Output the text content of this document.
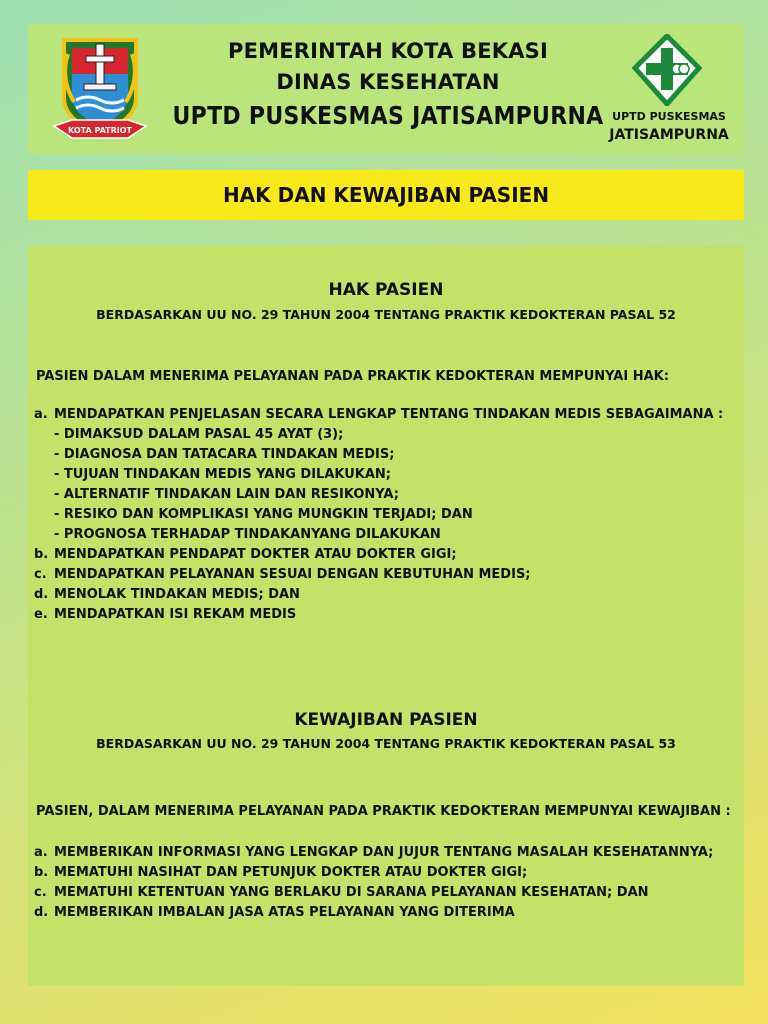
KOTA PATRIOT
PEMERINTAH KOTA BEKASI
DINAS KESEHATAN
UPTD PUSKESMAS JATISAMPURNA UPTD PUSKESMAS
JATISAMPURNA
HAK DAN KEWAJIBAN PASIEN
HAK PASIEN
BERDASARKAN UU NO. 29 TAHUN 2004 TENTANG PRAKTIK KEDOKTERAN PASAL 52
PASIEN DALAM MENERIMA PELAYANAN PADA PRAKTIK KEDOKTERAN MEMPUNYAI HAK:
a. MENDAPATKAN PENJELASAN SECARA LENGKAP TENTANG TINDAKAN MEDIS SEBAGAIMANA :
- DIMAKSUD DALAM PASAL 45 AYAT (3);
- DIAGNOSA DAN TATACARA TINDAKAN MEDIS;
- TUJUAN TINDAKAN MEDIS YANG DILAKUKAN;
- ALTERNATIF TINDAKAN LAIN DAN RESIKONYA;
- RESIKO DAN KOMPLIKASI YANG MUNGKIN TERJADI; DAN
- PROGNOSA TERHADAP TINDAKANYANG DILAKUKAN
b. MENDAPATKAN PENDAPAT DOKTER ATAU DOKTER GIGI;
c. MENDAPATKAN PELAYANAN SESUAI DENGAN KEBUTUHAN MEDIS;
d. MENOLAK TINDAKAN MEDIS; DAN
e. MENDAPATKAN ISI REKAM MEDIS
KEWAJIBAN PASIEN
BERDASARKAN UU NO. 29 TAHUN 2004 TENTANG PRAKTIK KEDOKTERAN PASAL 53
PASIEN, DALAM MENERIMA PELAYANAN PADA PRAKTIK KEDOKTERAN MEMPUNYAI KEWAJIBAN :
a. MEMBERIKAN INFORMASI YANG LENGKAP DAN JUJUR TENTANG MASALAH KESEHATANNYA;
b. MEMATUHI NASIHAT DAN PETUNJUK DOKTER ATAU DOKTER GIGI;
c. MEMATUHI KETENTUAN YANG BERLAKU DI SARANA PELAYANAN KESEHATAN; DAN
d. MEMBERIKAN IMBALAN JASA ATAS PELAYANAN YANG DITERIMA
